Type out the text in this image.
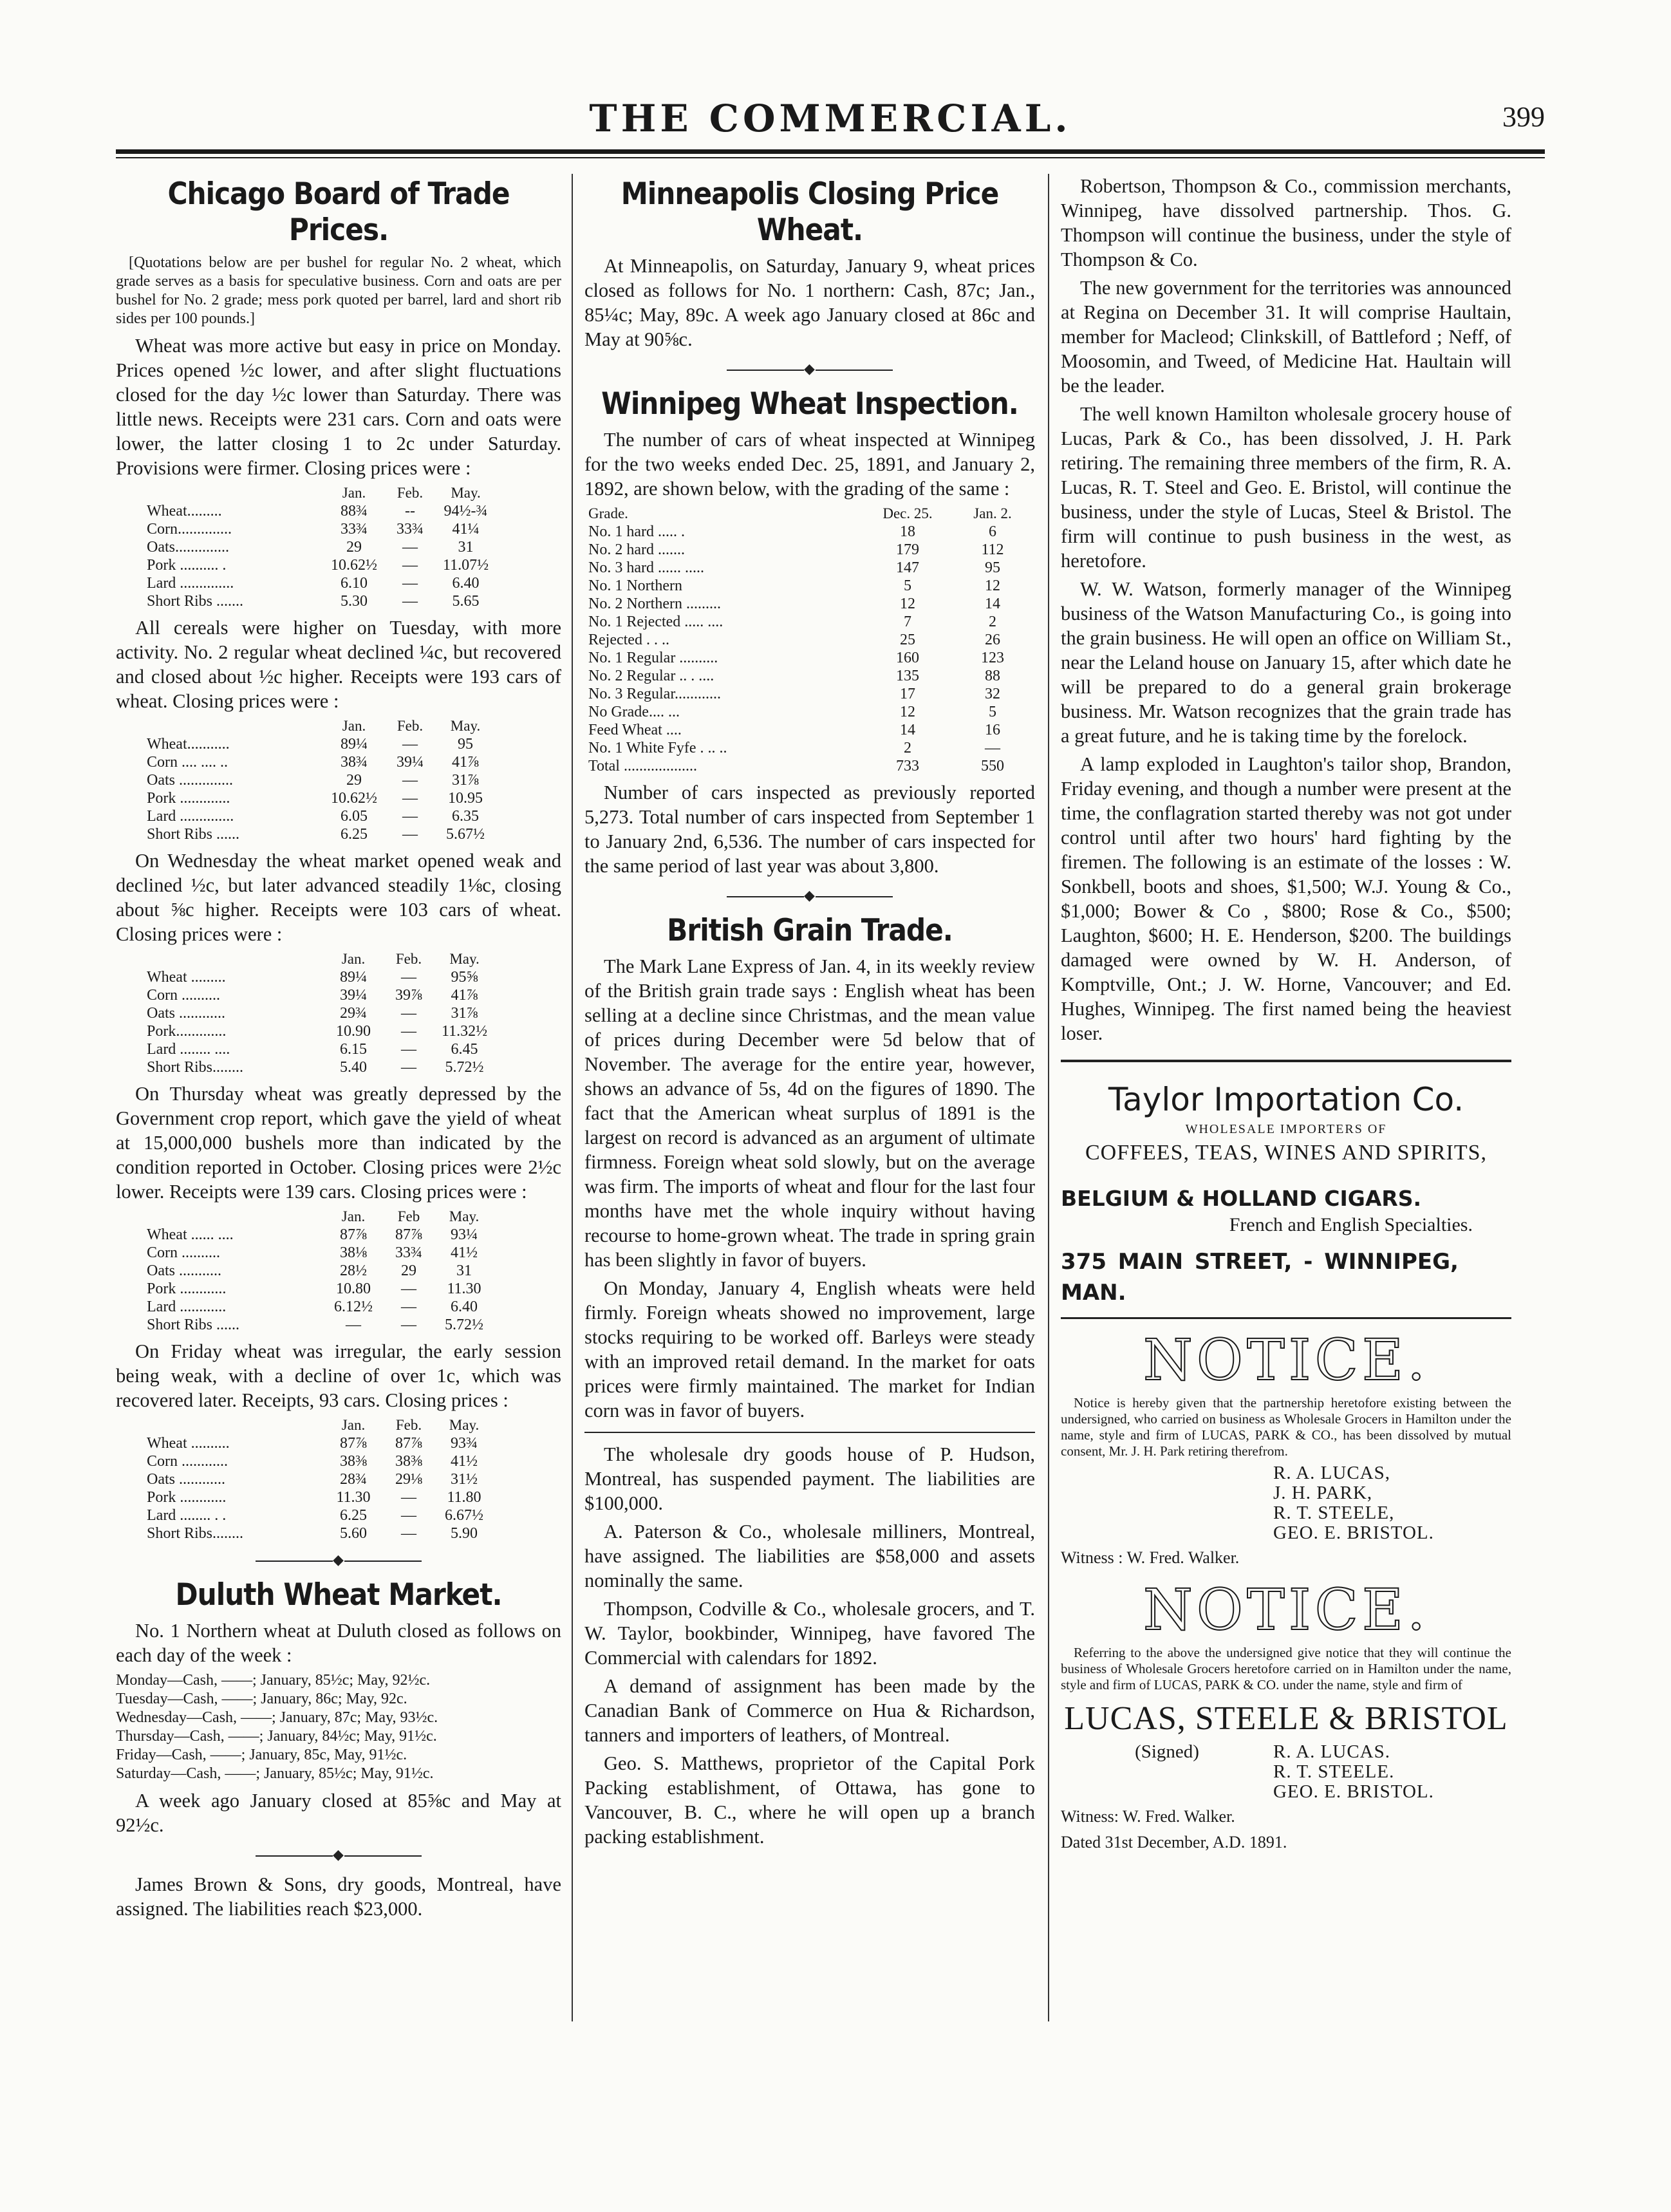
THE COMMERCIAL.	399
Chicago Board of Trade Prices.

[Quotations below are per bushel for regular No. 2 wheat, which grade serves as a basis for speculative business. Corn and oats are per bushel for No. 2 grade; mess pork quoted per barrel, lard and short rib sides per 100 pounds.]

Wheat was more active but easy in price on Monday. Prices opened ½c lower, and after slight fluctuations closed for the day ½c lower than Saturday. There was little news. Receipts were 231 cars. Corn and oats were lower, the latter closing 1 to 2c under Saturday. Provisions were firmer. Closing prices were :

	Jan.	Feb.	May.
Wheat.........	88¾	--	94½-¾
Corn..............	33¾	33¾	41¼
Oats..............	29	—	31
Pork .......... .	10.62½	—	11.07½
Lard ..............	6.10	—	6.40
Short Ribs .......	5.30	—	5.65

All cereals were higher on Tuesday, with more activity. No. 2 regular wheat declined ¼c, but recovered and closed about ½c higher. Receipts were 193 cars of wheat. Closing prices were :

	Jan.	Feb.	May.
Wheat...........	89¼	—	95
Corn .... .... ..	38¾	39¼	41⅞
Oats ..............	29	—	31⅞
Pork .............	10.62½	—	10.95
Lard ..............	6.05	—	6.35
Short Ribs ......	6.25	—	5.67½

On Wednesday the wheat market opened weak and declined ½c, but later advanced steadily 1⅛c, closing about ⅝c higher. Receipts were 103 cars of wheat. Closing prices were :

	Jan.	Feb.	May.
Wheat .........	89¼	—	95⅝
Corn ..........	39¼	39⅞	41⅞
Oats ............	29¾	—	31⅞
Pork.............	10.90	—	11.32½
Lard ........ ....	6.15	—	6.45
Short Ribs........	5.40	—	5.72½

On Thursday wheat was greatly depressed by the Government crop report, which gave the yield of wheat at 15,000,000 bushels more than indicated by the condition reported in October. Closing prices were 2½c lower. Receipts were 139 cars. Closing prices were :

	Jan.	Feb	May.
Wheat ...... ....	87⅞	87⅞	93¼
Corn ..........	38⅛	33¾	41½
Oats ...........	28½	29	31
Pork ............	10.80	—	11.30
Lard ............	6.12½	—	6.40
Short Ribs ......	—	—	5.72½

On Friday wheat was irregular, the early session being weak, with a decline of over 1c, which was recovered later. Receipts, 93 cars. Closing prices :

	Jan.	Feb.	May.
Wheat ..........	87⅞	87⅞	93¾
Corn ............	38⅜	38⅜	41½
Oats ............	28¾	29⅛	31½
Pork ............	11.30	—	11.80
Lard ........ . .	6.25	—	6.67½
Short Ribs........	5.60	—	5.90
◆
Duluth Wheat Market.

No. 1 Northern wheat at Duluth closed as follows on each day of the week :

Monday—Cash, ——; January, 85½c; May, 92½c.
Tuesday—Cash, ——; January, 86c; May, 92c.
Wednesday—Cash, ——; January, 87c; May, 93½c.
Thursday—Cash, ——; January, 84½c; May, 91½c.
Friday—Cash, ——; January, 85c, May, 91½c.
Saturday—Cash, ——; January, 85½c; May, 91½c.

A week ago January closed at 85⅝c and May at 92½c.

◆

James Brown & Sons, dry goods, Montreal, have assigned. The liabilities reach $23,000.

Minneapolis Closing Price Wheat.

At Minneapolis, on Saturday, January 9, wheat prices closed as follows for No. 1 northern: Cash, 87c; Jan., 85¼c; May, 89c. A week ago January closed at 86c and May at 90⅝c.

◆
Winnipeg Wheat Inspection.

The number of cars of wheat inspected at Winnipeg for the two weeks ended Dec. 25, 1891, and January 2, 1892, are shown below, with the grading of the same :

Grade.	Dec. 25.	Jan. 2.
No. 1 hard ..... .	18	6
No. 2 hard .......	179	112
No. 3 hard ...... .....	147	95
No. 1 Northern	5	12
No. 2 Northern .........	12	14
No. 1 Rejected ..... ....	7	2
Rejected . . ..	25	26
No. 1 Regular ..........	160	123
No. 2 Regular .. . ....	135	88
No. 3 Regular............	17	32
No Grade.... ...	12	5
Feed Wheat ....	14	16
No. 1 White Fyfe . .. ..	2	—
Total ...................	733	550

Number of cars inspected as previously reported 5,273. Total number of cars inspected from September 1 to January 2nd, 6,536. The number of cars inspected for the same period of last year was about 3,800.

◆
British Grain Trade.

The Mark Lane Express of Jan. 4, in its weekly review of the British grain trade says : English wheat has been selling at a decline since Christmas, and the mean value of prices during December were 5d below that of November. The average for the entire year, however, shows an advance of 5s, 4d on the figures of 1890. The fact that the American wheat surplus of 1891 is the largest on record is advanced as an argument of ultimate firmness. Foreign wheat sold slowly, but on the average was firm. The imports of wheat and flour for the last four months have met the whole inquiry without having recourse to home-grown wheat. The trade in spring grain has been slightly in favor of buyers.

On Monday, January 4, English wheats were held firmly. Foreign wheats showed no improvement, large stocks requiring to be worked off. Barleys were steady with an improved retail demand. In the market for oats prices were firmly maintained. The market for Indian corn was in favor of buyers.

The wholesale dry goods house of P. Hudson, Montreal, has suspended payment. The liabilities are $100,000.

A. Paterson & Co., wholesale milliners, Montreal, have assigned. The liabilities are $58,000 and assets nominally the same.

Thompson, Codville & Co., wholesale grocers, and T. W. Taylor, bookbinder, Winnipeg, have favored The Commercial with calendars for 1892.

A demand of assignment has been made by the Canadian Bank of Commerce on Hua & Richardson, tanners and importers of leathers, of Montreal.

Geo. S. Matthews, proprietor of the Capital Pork Packing establishment, of Ottawa, has gone to Vancouver, B. C., where he will open up a branch packing establishment.

Robertson, Thompson & Co., commission merchants, Winnipeg, have dissolved partnership. Thos. G. Thompson will continue the business, under the style of Thompson & Co.

The new government for the territories was announced at Regina on December 31. It will comprise Haultain, member for Macleod; Clinkskill, of Battleford ; Neff, of Moosomin, and Tweed, of Medicine Hat. Haultain will be the leader.

The well known Hamilton wholesale grocery house of Lucas, Park & Co., has been dissolved, J. H. Park retiring. The remaining three members of the firm, R. A. Lucas, R. T. Steel and Geo. E. Bristol, will continue the business, under the style of Lucas, Steel & Bristol. The firm will continue to push business in the west, as heretofore.

W. W. Watson, formerly manager of the Winnipeg business of the Watson Manufacturing Co., is going into the grain business. He will open an office on William St., near the Leland house on January 15, after which date he will be prepared to do a general grain brokerage business. Mr. Watson recognizes that the grain trade has a great future, and he is taking time by the forelock.

A lamp exploded in Laughton's tailor shop, Brandon, Friday evening, and though a number were present at the time, the conflagration started thereby was not got under control until after two hours' hard fighting by the firemen. The following is an estimate of the losses : W. Sonkbell, boots and shoes, $1,500; W.J. Young & Co., $1,000; Bower & Co , $800; Rose & Co., $500; Laughton, $600; H. E. Henderson, $200. The buildings damaged were owned by W. H. Anderson, of Komptville, Ont.; J. W. Horne, Vancouver; and Ed. Hughes, Winnipeg. The first named being the heaviest loser.

Taylor Importation Co.
WHOLESALE IMPORTERS OF
COFFEES, TEAS, WINES AND SPIRITS,
BELGIUM & HOLLAND CIGARS.
French and English Specialties.
375 MAIN STREET, - WINNIPEG, MAN.
NOTICE.

Notice is hereby given that the partnership heretofore existing between the undersigned, who carried on business as Wholesale Grocers in Hamilton under the name, style and firm of LUCAS, PARK & CO., has been dissolved by mutual consent, Mr. J. H. Park retiring therefrom.

R. A. LUCAS,
J. H. PARK,
R. T. STEELE,
GEO. E. BRISTOL.
Witness : W. Fred. Walker.
NOTICE.

Referring to the above the undersigned give notice that they will continue the business of Wholesale Grocers heretofore carried on in Hamilton under the name, style and firm of LUCAS, PARK & CO. under the name, style and firm of

LUCAS, STEELE & BRISTOL
(Signed)	R. A. LUCAS.
R. T. STEELE.
GEO. E. BRISTOL.
Witness: W. Fred. Walker.
Dated 31st December, A.D. 1891.
